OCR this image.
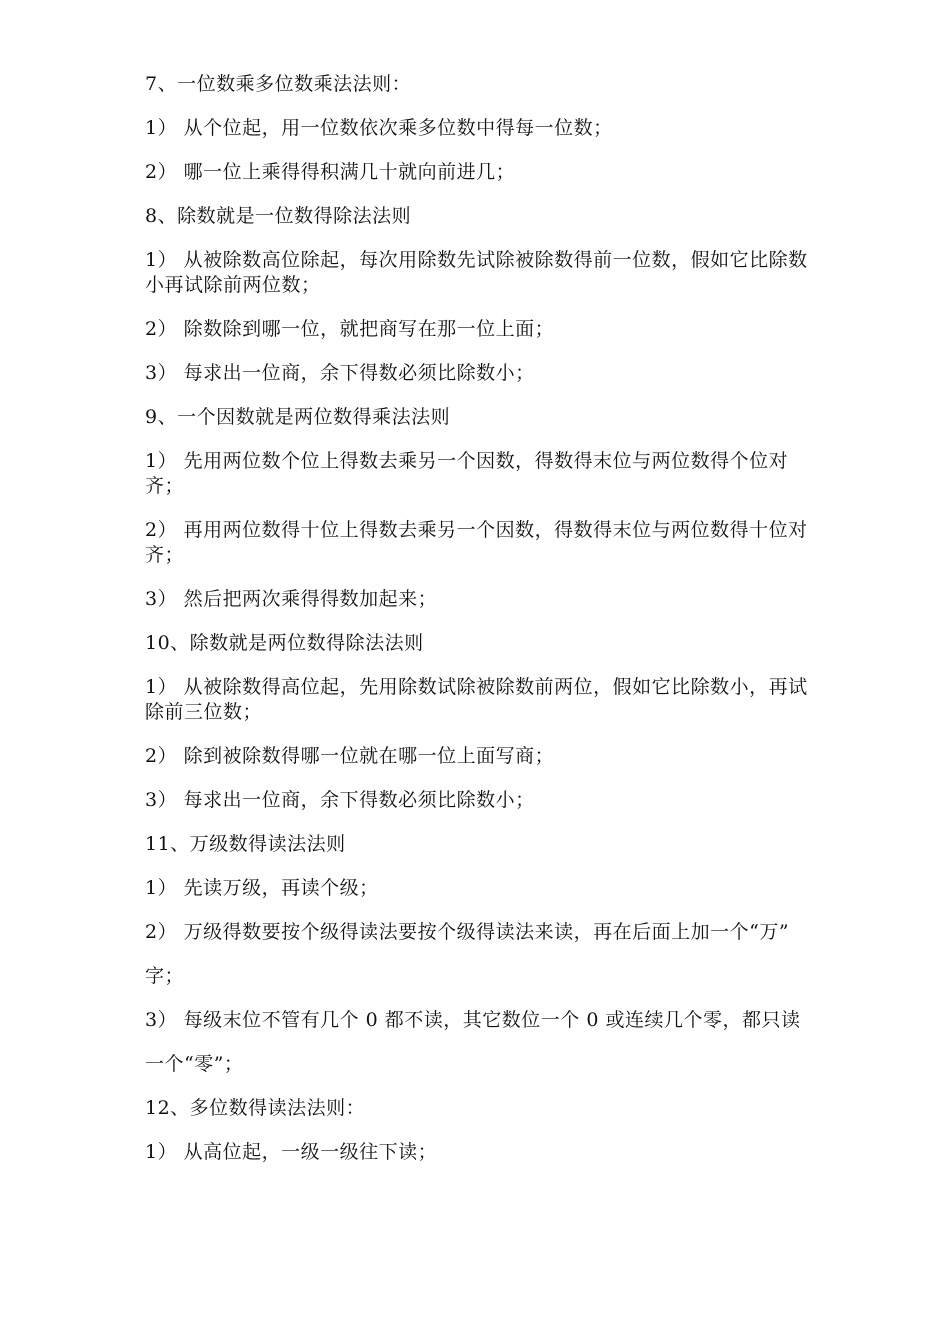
7、一位数乘多位数乘法法则：

1） 从个位起，用一位数依次乘多位数中得每一位数；

2） 哪一位上乘得得积满几十就向前进几；

8、除数就是一位数得除法法则

1） 从被除数高位除起，每次用除数先试除被除数得前一位数，假如它比除数小再试除前两位数；

2） 除数除到哪一位，就把商写在那一位上面；

3） 每求出一位商，余下得数必须比除数小；

9、一个因数就是两位数得乘法法则

1） 先用两位数个位上得数去乘另一个因数，得数得末位与两位数得个位对齐；

2） 再用两位数得十位上得数去乘另一个因数，得数得末位与两位数得十位对齐；

3） 然后把两次乘得得数加起来；

10、除数就是两位数得除法法则

1） 从被除数得高位起，先用除数试除被除数前两位，假如它比除数小，再试除前三位数；

2） 除到被除数得哪一位就在哪一位上面写商；

3） 每求出一位商，余下得数必须比除数小；

11、万级数得读法法则

1） 先读万级，再读个级；

2） 万级得数要按个级得读法要按个级得读法来读，再在后面上加一个“万”

字；

3） 每级末位不管有几个 0 都不读，其它数位一个 0 或连续几个零，都只读

一个“零”；

12、多位数得读法法则：

1） 从高位起，一级一级往下读；
